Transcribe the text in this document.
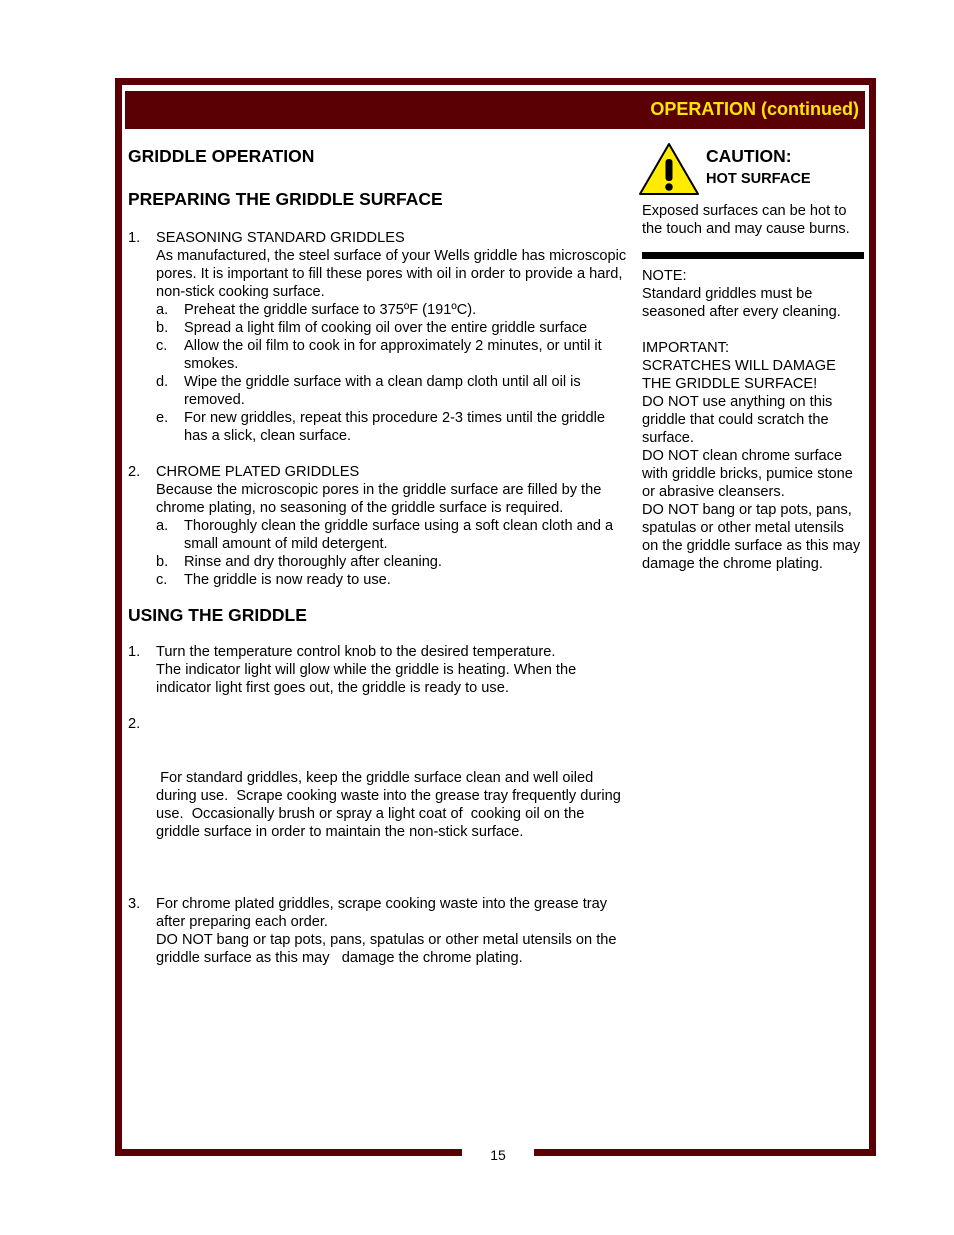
OPERATION (continued)
15

GRIDDLE OPERATION

PREPARING THE GRIDDLE SURFACE

1. SEASONING STANDARD GRIDDLES

As manufactured, the steel surface of your Wells griddle has microscopic pores. It is important to fill these pores with oil in order to provide a hard, non-stick cooking surface.

a. Preheat the griddle surface to 375ºF (191ºC).
b. Spread a light film of cooking oil over the entire griddle surface
c. Allow the oil film to cook in for approximately 2 minutes, or until it smokes.
d. Wipe the griddle surface with a clean damp cloth until all oil is removed.
e. For new griddles, repeat this procedure 2-3 times until the griddle has a slick, clean surface.
2. CHROME PLATED GRIDDLES

Because the microscopic pores in the griddle surface are filled by the chrome plating, no seasoning of the griddle surface is required.

a. Thoroughly clean the griddle surface using a soft clean cloth and a small amount of mild detergent.
b. Rinse and dry thoroughly after cleaning.
c. The griddle is now ready to use.

USING THE GRIDDLE

1. Turn the temperature control knob to the desired temperature.

The indicator light will glow while the griddle is heating. When the indicator light first goes out, the griddle is ready to use.

2.

For standard griddles, keep the griddle surface clean and well oiled during use.  Scrape cooking waste into the grease tray frequently during use.  Occasionally brush or spray a light coat of  cooking oil on the griddle surface in order to maintain the non-stick surface.

3. For chrome plated griddles, scrape cooking waste into the grease tray after preparing each order.

DO NOT bang or tap pots, pans, spatulas or other metal utensils on the griddle surface as this may   damage the chrome plating.

CAUTION:
HOT SURFACE

Exposed surfaces can be hot to the touch and may cause burns.

NOTE:

Standard griddles must be seasoned after every cleaning.

IMPORTANT:

SCRATCHES WILL DAMAGE THE GRIDDLE SURFACE!

DO NOT use anything on this griddle that could scratch the surface.

DO NOT clean chrome surface with griddle bricks, pumice stone or abrasive cleansers.

DO NOT bang or tap pots, pans, spatulas or other metal utensils on the griddle surface as this may damage the chrome plating.
